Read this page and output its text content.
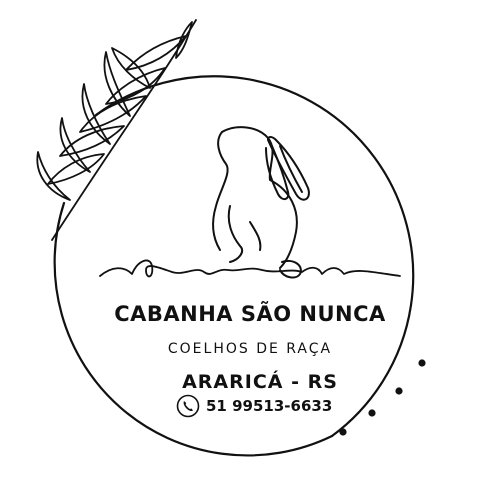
CABANHA SÃO NUNCA
COELHOS DE RAÇA
ARARICÁ - RS
51 99513-6633
